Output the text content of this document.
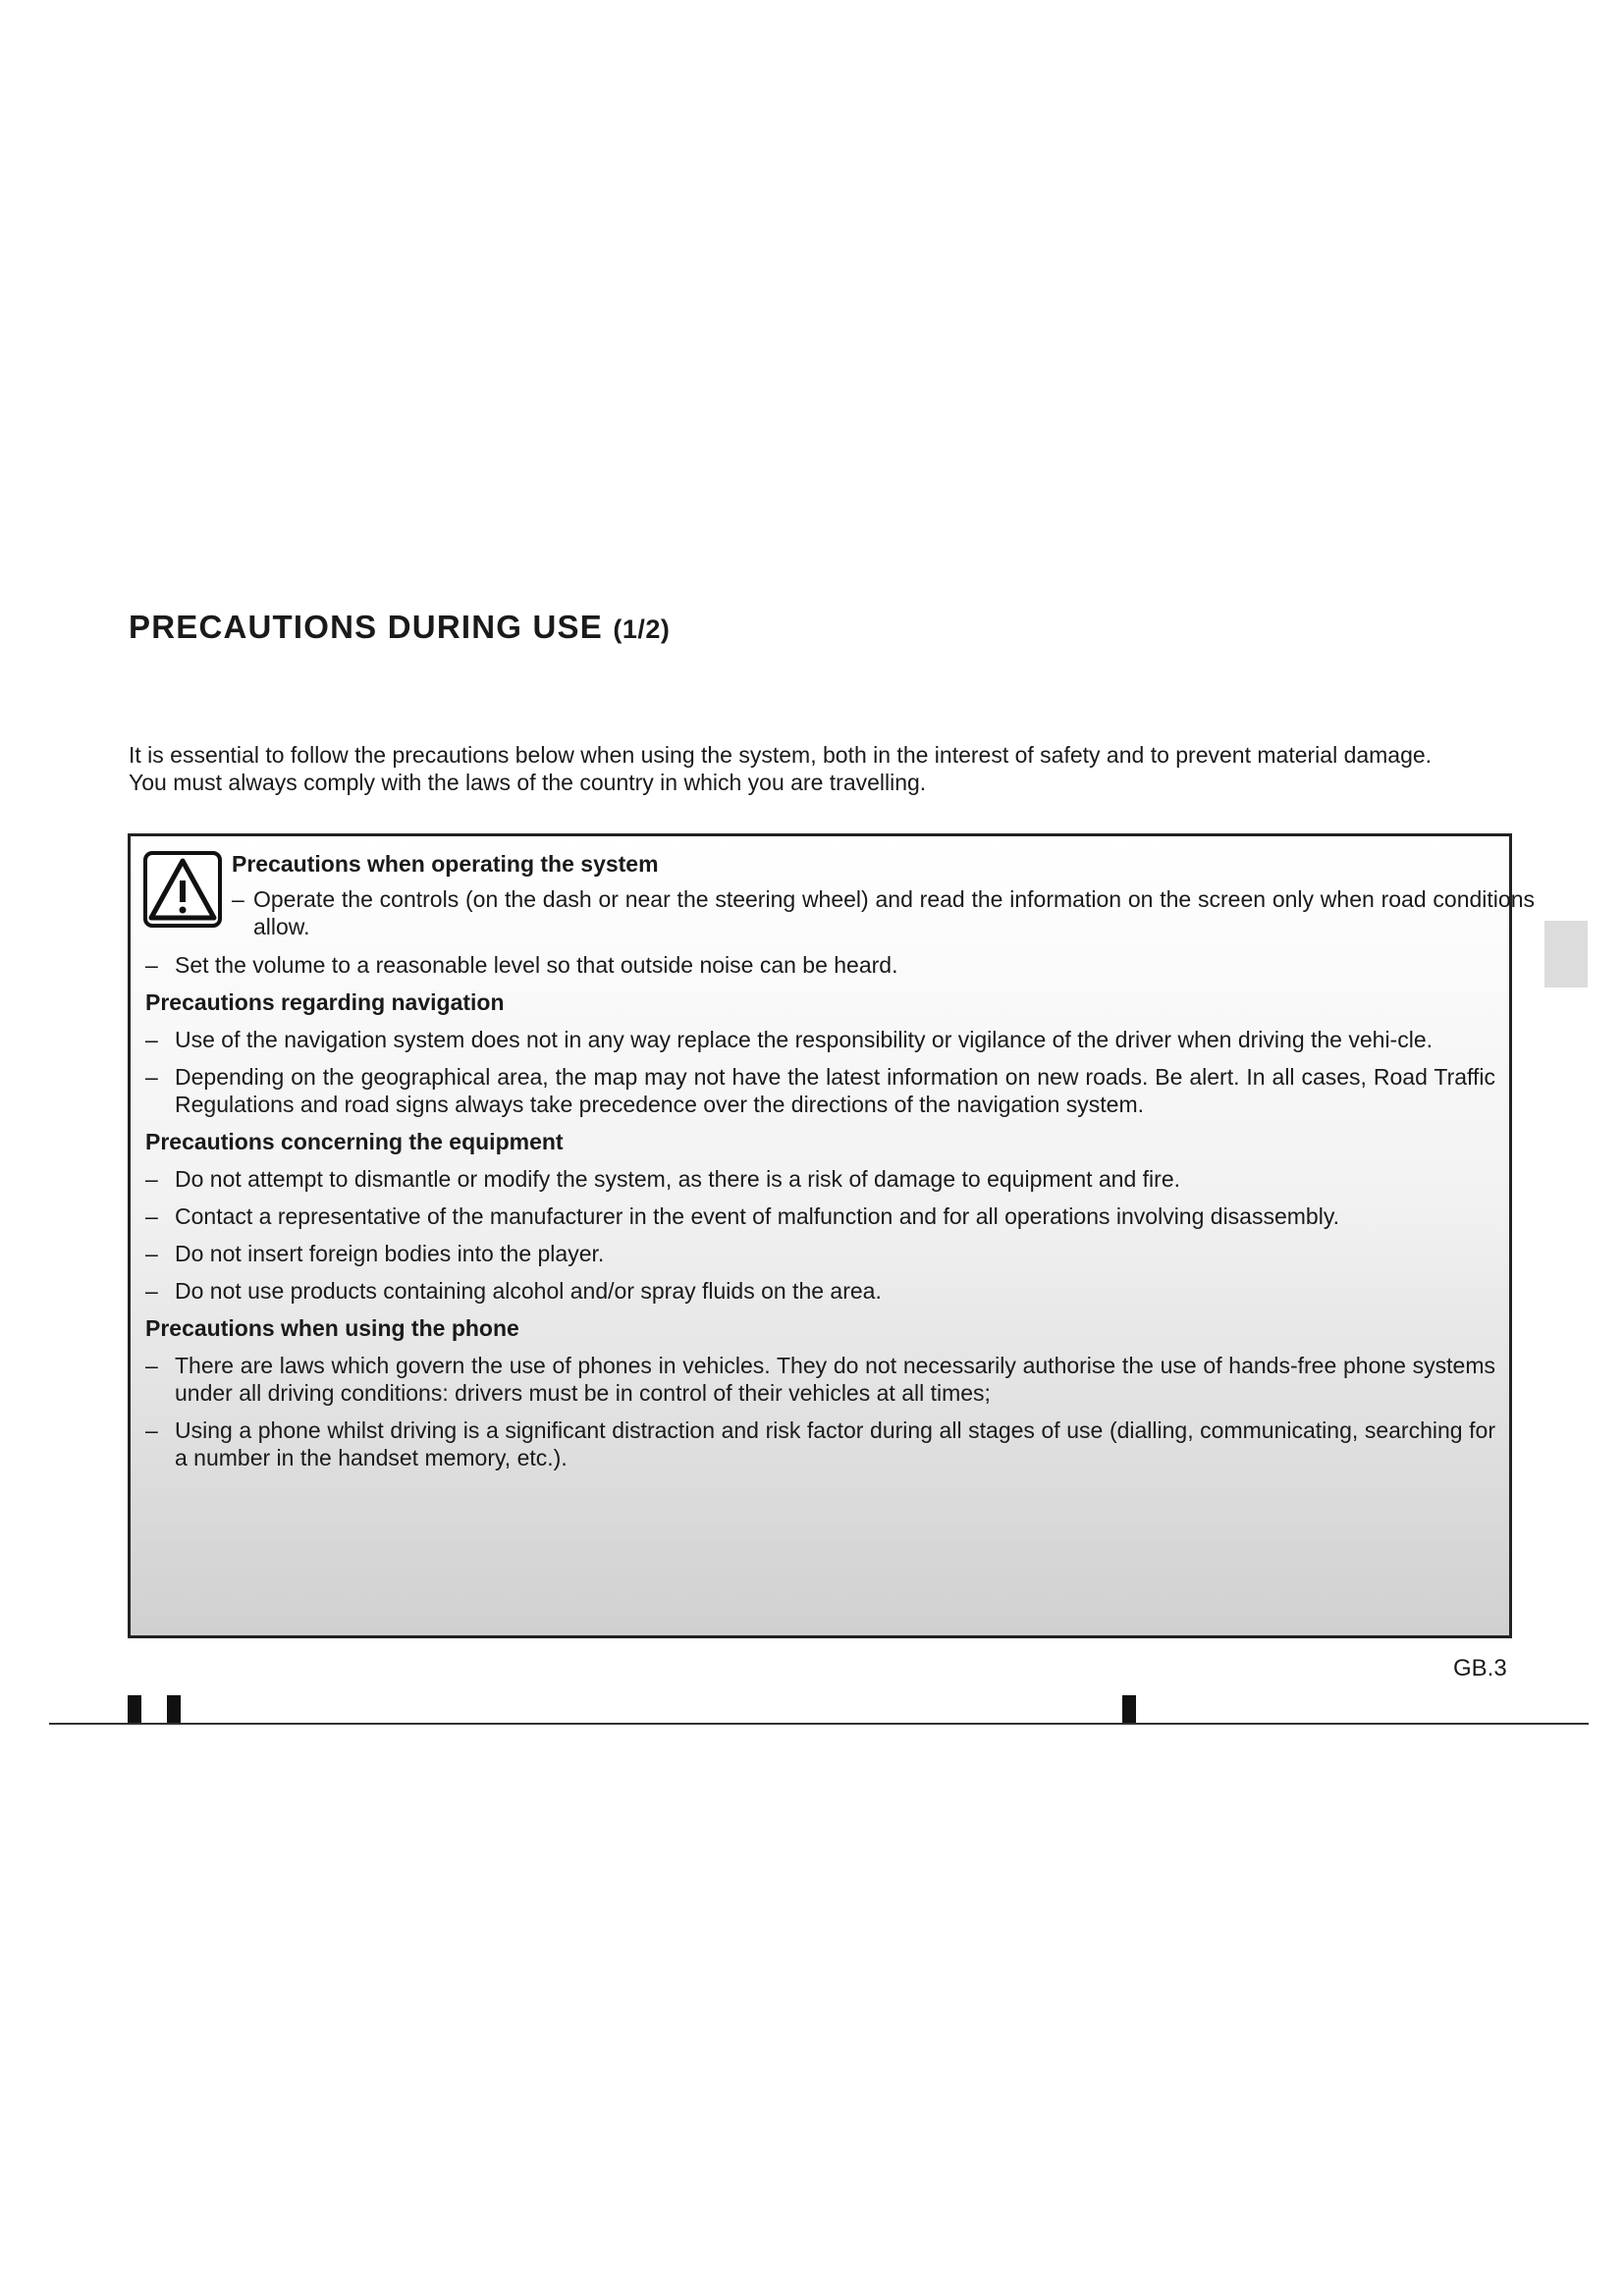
PRECAUTIONS DURING USE (1/2)

It is essential to follow the precautions below when using the system, both in the interest of safety and to prevent material damage.

You must always comply with the laws of the country in which you are travelling.

Precautions when operating the system
– Operate the controls (on the dash or near the steering wheel) and read the information on the screen only when road conditions allow.
– Set the volume to a reasonable level so that outside noise can be heard.
Precautions regarding navigation
– Use of the navigation system does not in any way replace the responsibility or vigilance of the driver when driving the vehi-cle.
– Depending on the geographical area, the map may not have the latest information on new roads. Be alert. In all cases, Road Traffic Regulations and road signs always take precedence over the directions of the navigation system.
Precautions concerning the equipment
– Do not attempt to dismantle or modify the system, as there is a risk of damage to equipment and fire.
– Contact a representative of the manufacturer in the event of malfunction and for all operations involving disassembly.
– Do not insert foreign bodies into the player.
– Do not use products containing alcohol and/or spray fluids on the area.
Precautions when using the phone
– There are laws which govern the use of phones in vehicles. They do not necessarily authorise the use of hands-free phone systems under all driving conditions: drivers must be in control of their vehicles at all times;
– Using a phone whilst driving is a significant distraction and risk factor during all stages of use (dialling, communicating, searching for a number in the handset memory, etc.).
GB.3
